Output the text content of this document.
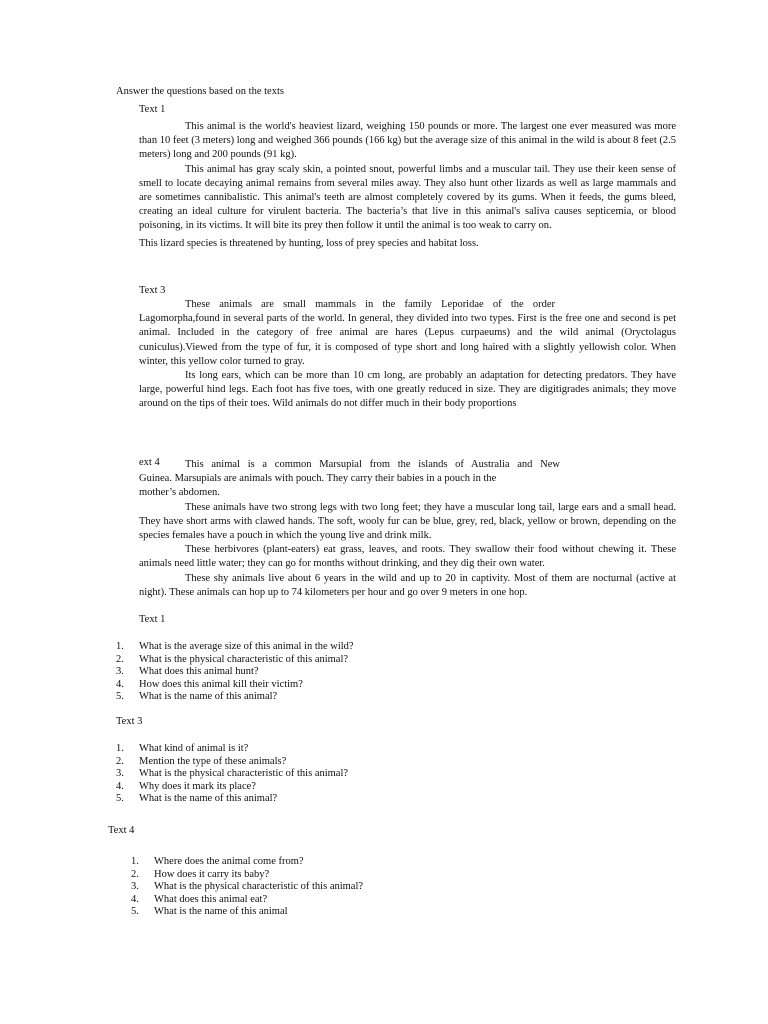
Answer the questions based on the texts
Text 1

This animal is the world's heaviest lizard, weighing 150 pounds or more. The largest one ever measured was more than 10 feet (3 meters) long and weighed 366 pounds (166 kg) but the average size of this animal in the wild is about 8 feet (2.5 meters) long and 200 pounds (91 kg).

This animal has gray scaly skin, a pointed snout, powerful limbs and a muscular tail. They use their keen sense of smell to locate decaying animal remains from several miles away. They also hunt other lizards as well as large mammals and are sometimes cannibalistic. This animal's teeth are almost completely covered by its gums. When it feeds, the gums bleed, creating an ideal culture for virulent bacteria. The bacteria’s that live in this animal's saliva causes septicemia, or blood poisoning, in its victims. It will bite its prey then follow it until the animal is too weak to carry on.

This lizard species is threatened by hunting, loss of prey species and habitat loss.

Text 3

These animals are small mammals in the family Leporidae of the order

Lagomorpha,found in several parts of the world. In general, they divided into two types. First is the free one and second is pet animal. Included in the category of free animal are hares (Lepus curpaeums) and the wild animal (Oryctolagus cuniculus).Viewed from the type of fur, it is composed of type short and long haired with a slightly yellowish color. When winter, this yellow color turned to gray.

Its long ears, which can be more than 10 cm long, are probably an adaptation for detecting predators. They have large, powerful hind legs. Each foot has five toes, with one greatly reduced in size. They are digitigrades animals; they move around on the tips of their toes. Wild animals do not differ much in their body proportions

ext 4	This animal is a common Marsupial from the islands of Australia and New

Guinea. Marsupials are animals with pouch. They carry their babies in a pouch in the

mother’s abdomen.

These animals have two strong legs with two long feet; they have a muscular long tail, large ears and a small head. They have short arms with clawed hands. The soft, wooly fur can be blue, grey, red, black, yellow or brown, depending on the species females have a pouch in which the young live and drink milk.

These herbivores (plant-eaters) eat grass, leaves, and roots. They swallow their food without chewing it. These animals need little water; they can go for months without drinking, and they dig their own water.

These shy animals live about 6 years in the wild and up to 20 in captivity. Most of them are nocturnal (active at night). These animals can hop up to 74 kilometers per hour and go over 9 meters in one hop.

Text 1
1.	What is the average size of this animal in the wild?
2.	What is the physical characteristic of this animal?
3.	What does this animal hunt?
4.	How does this animal kill their victim?
5.	What is the name of this animal?
Text 3
1.	What kind of animal is it?
2.	Mention the type of these animals?
3.	What is the physical characteristic of this animal?
4.	Why does it mark its place?
5.	What is the name of this animal?
Text 4
1.	Where does the animal come from?
2.	How does it carry its baby?
3.	What is the physical characteristic of this animal?
4.	What does this animal eat?
5.	What is the name of this animal
